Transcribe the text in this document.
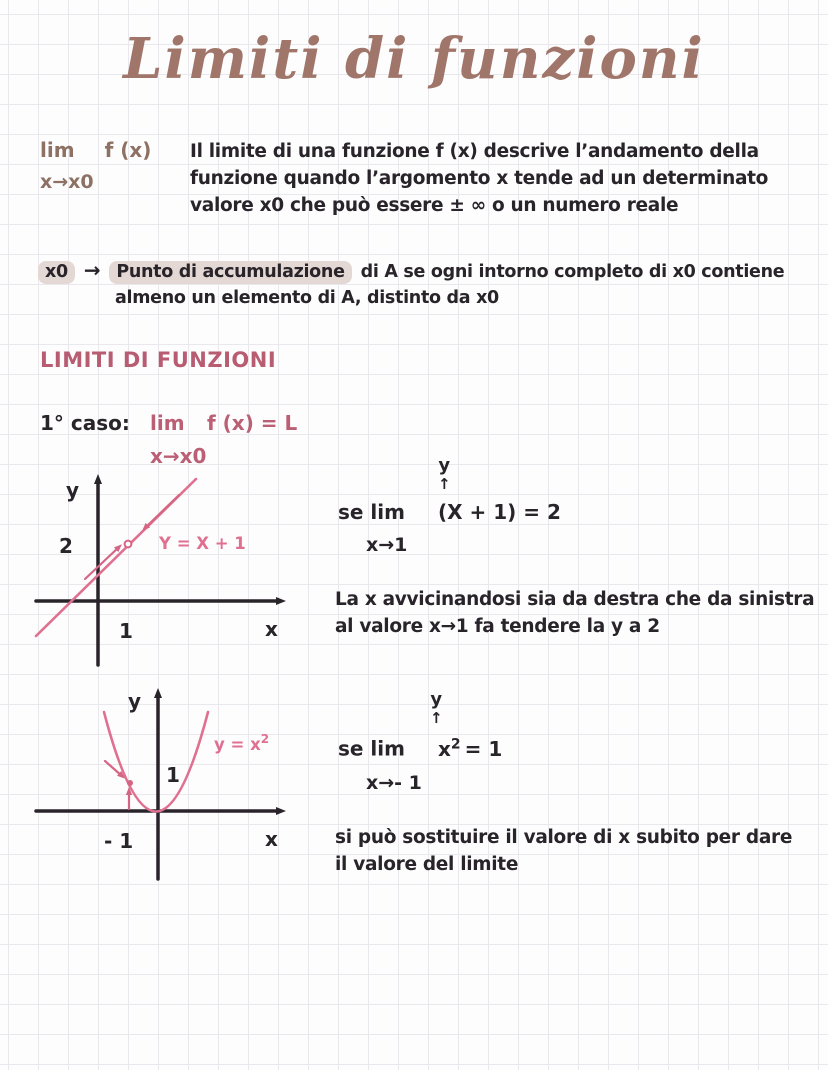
Limiti di funzioni
lim f (x)
x→x0
Il limite di una funzione f (x) descrive l’andamento della
funzione quando l’argomento x tende ad un determinato
valore x0 che può essere ± ∞ o un numero reale
x0 → Punto di accumulazione di A se ogni intorno completo di x0 contiene
almeno un elemento di A, distinto da x0
LIMITI DI FUNZIONI
1° caso: lim f (x) = L
x→x0
y
2
1	x
Y = X + 1
y
↑
se lim (X + 1) = 2
x→1
La x avvicinandosi sia da destra che da sinistra
al valore x→1 fa tendere la y a 2
y
1
- 1	x
$y = x^2$
y
↑
se $\lim x^2 = 1$
x→- 1
si può sostituire il valore di x subito per dare
il valore del limite
